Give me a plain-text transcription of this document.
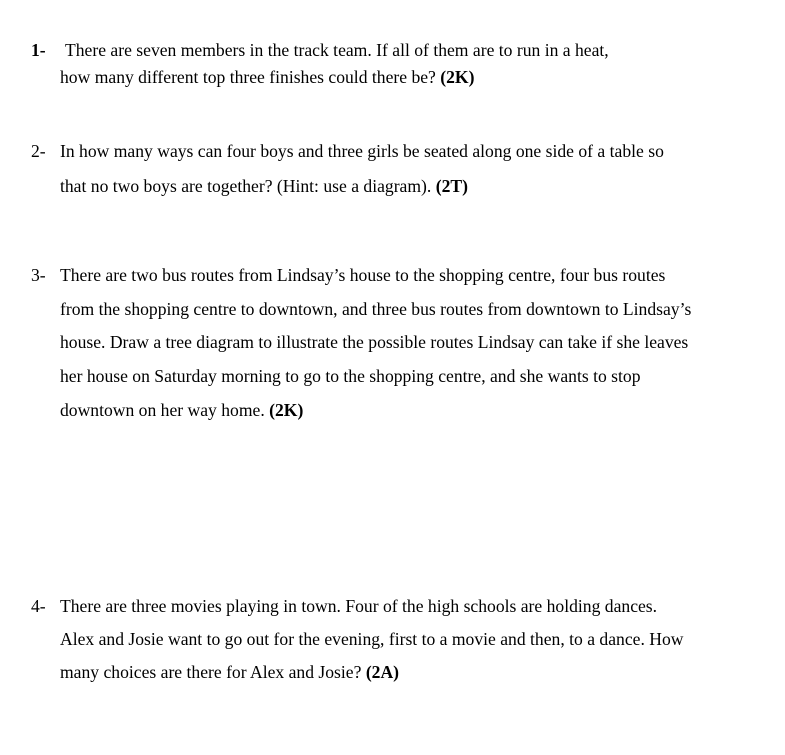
1- There are seven members in the track team. If all of them are to run in a heat,
how many different top three finishes could there be? (2K)
2- In how many ways can four boys and three girls be seated along one side of a table so
that no two boys are together? (Hint: use a diagram). (2T)
3- There are two bus routes from Lindsay’s house to the shopping centre, four bus routes
from the shopping centre to downtown, and three bus routes from downtown to Lindsay’s
house. Draw a tree diagram to illustrate the possible routes Lindsay can take if she leaves
her house on Saturday morning to go to the shopping centre, and she wants to stop
downtown on her way home. (2K)
4- There are three movies playing in town. Four of the high schools are holding dances.
Alex and Josie want to go out for the evening, first to a movie and then, to a dance. How
many choices are there for Alex and Josie? (2A)
